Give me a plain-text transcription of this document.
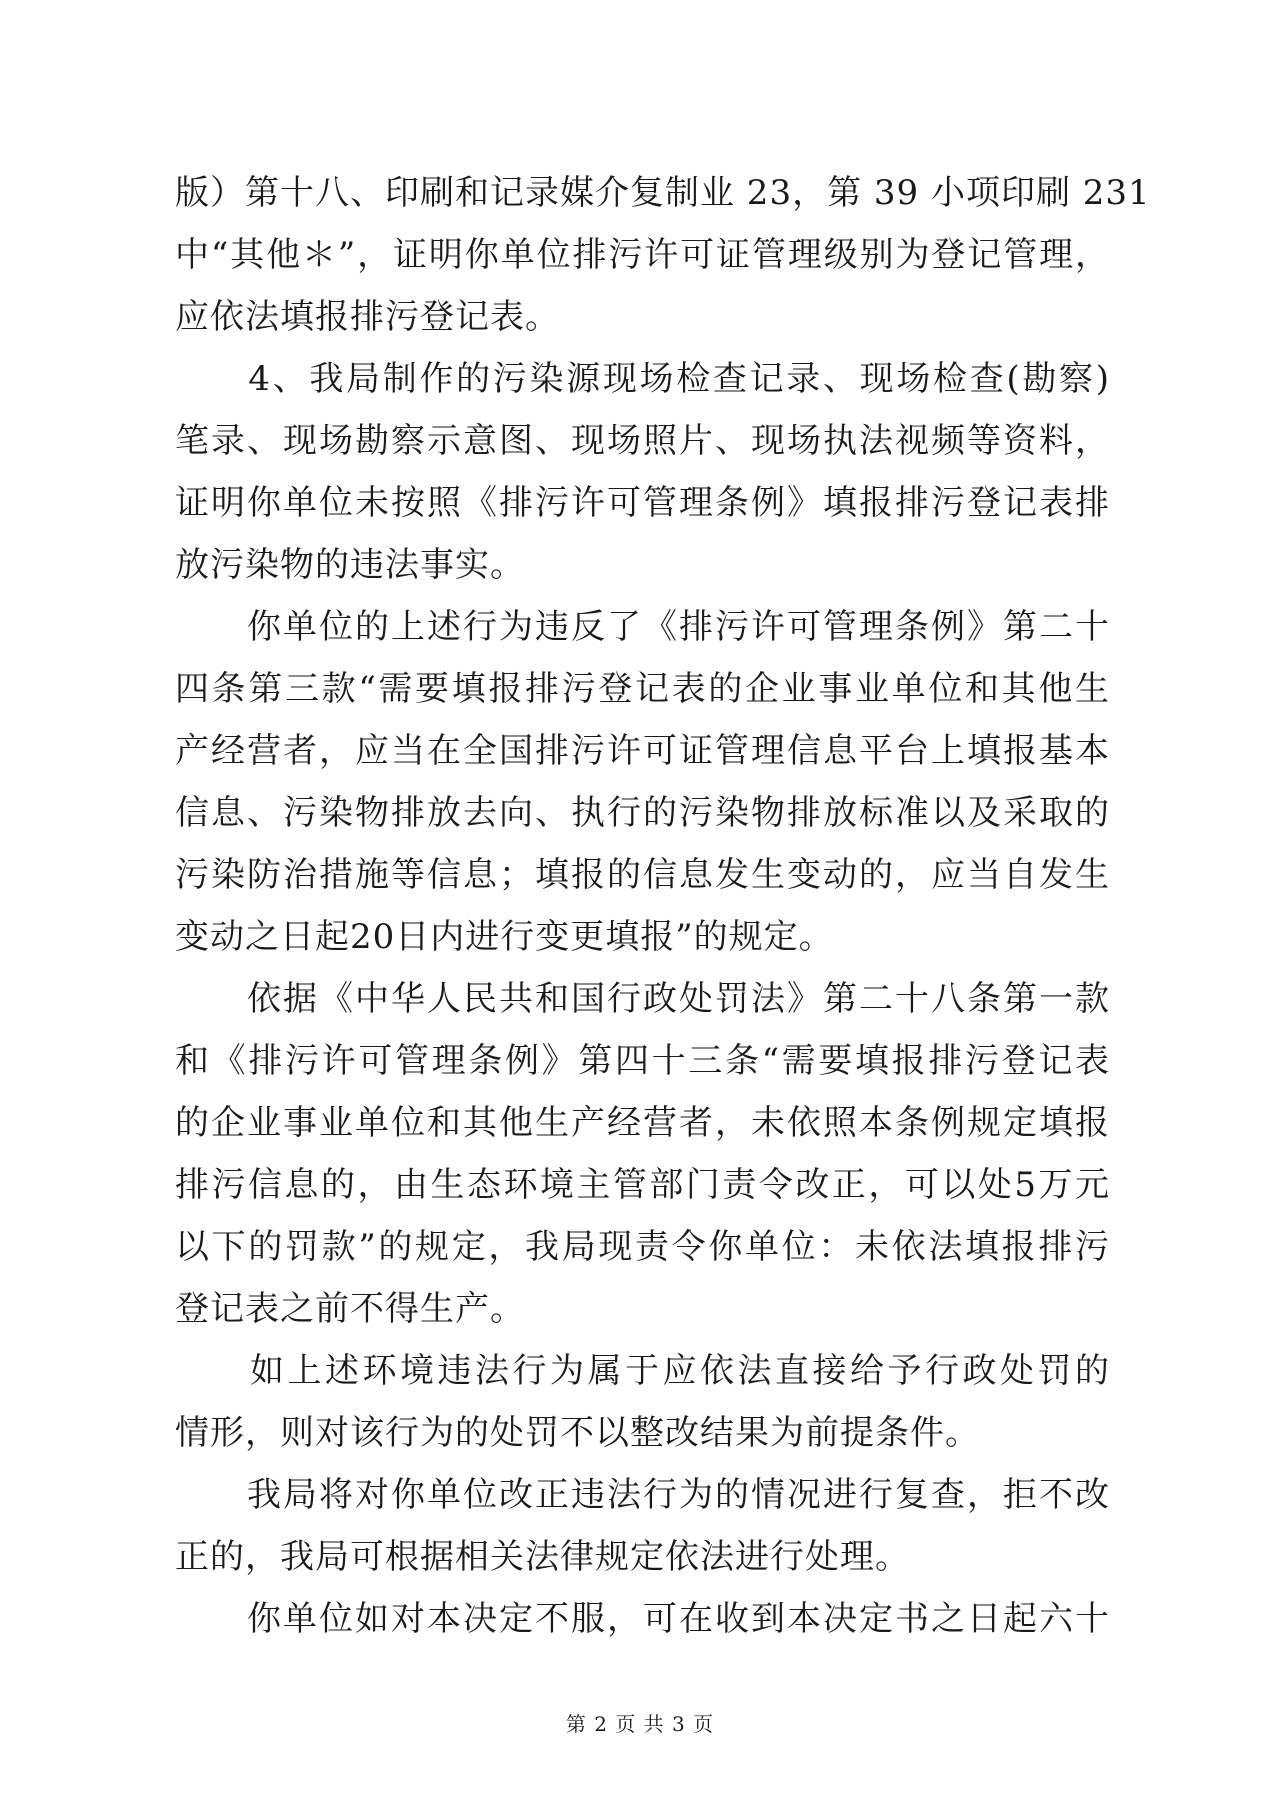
版）第十八、印刷和记录媒介复制业 23，第 39 小项印刷 231
中“其他＊”，证明你单位排污许可证管理级别为登记管理，
应依法填报排污登记表。
　　4、我局制作的污染源现场检查记录、现场检查(勘察)
笔录、现场勘察示意图、现场照片、现场执法视频等资料，
证明你单位未按照《排污许可管理条例》填报排污登记表排
放污染物的违法事实。
　　你单位的上述行为违反了《排污许可管理条例》第二十
四条第三款“需要填报排污登记表的企业事业单位和其他生
产经营者，应当在全国排污许可证管理信息平台上填报基本
信息、污染物排放去向、执行的污染物排放标准以及采取的
污染防治措施等信息；填报的信息发生变动的，应当自发生
变动之日起20日内进行变更填报”的规定。
　　依据《中华人民共和国行政处罚法》第二十八条第一款
和《排污许可管理条例》第四十三条“需要填报排污登记表
的企业事业单位和其他生产经营者，未依照本条例规定填报
排污信息的，由生态环境主管部门责令改正，可以处5万元
以下的罚款”的规定，我局现责令你单位：未依法填报排污
登记表之前不得生产。
　　如上述环境违法行为属于应依法直接给予行政处罚的
情形，则对该行为的处罚不以整改结果为前提条件。
　　我局将对你单位改正违法行为的情况进行复查，拒不改
正的，我局可根据相关法律规定依法进行处理。
　　你单位如对本决定不服，可在收到本决定书之日起六十
第 2 页 共 3 页
